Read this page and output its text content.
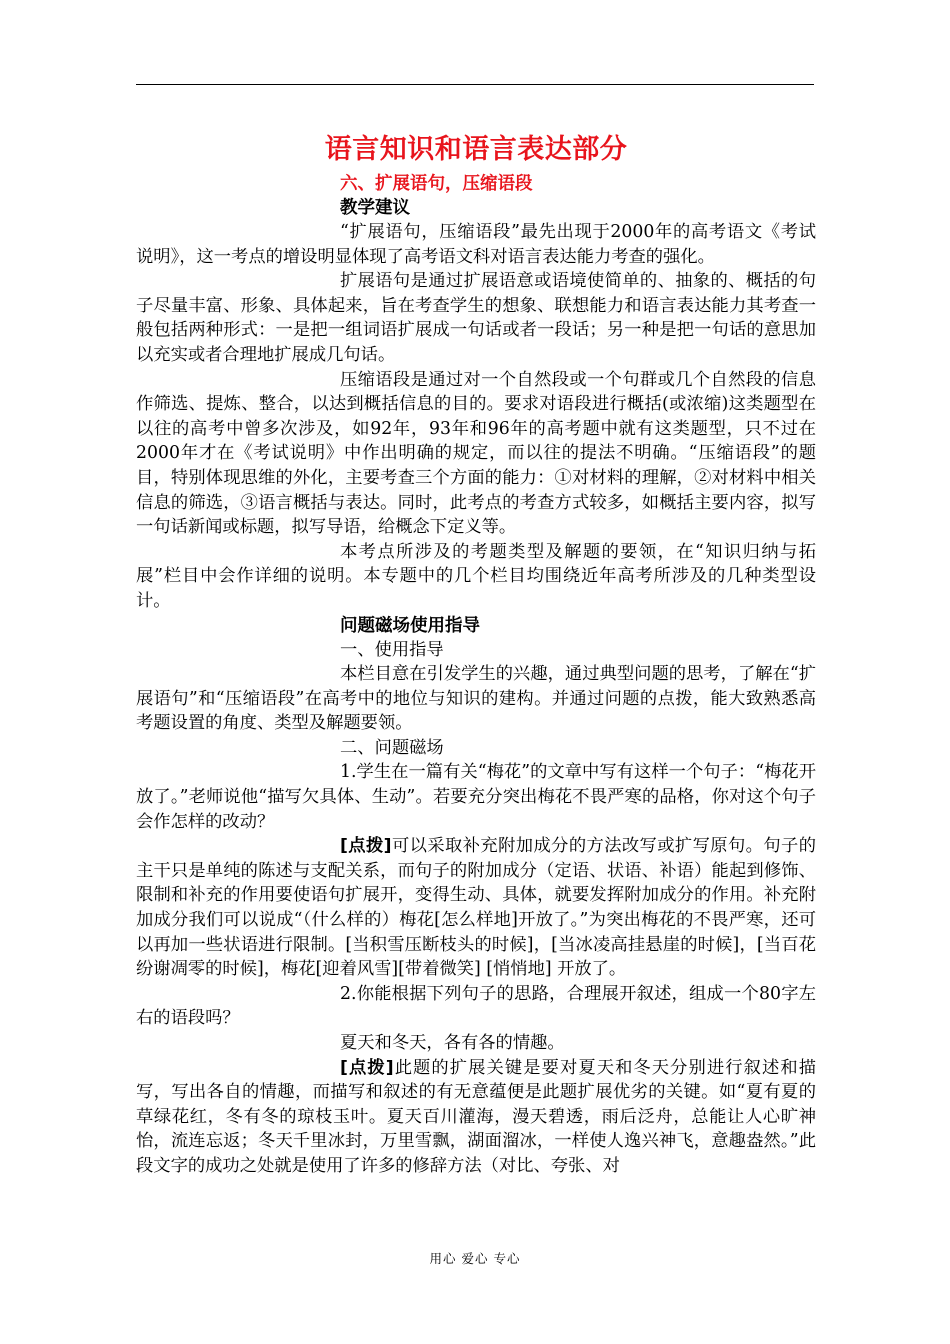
语言知识和语言表达部分
六、扩展语句，压缩语段
教学建议

“扩展语句，压缩语段”最先出现于2000年的高考语文《考试说明》，这一考点的增设明显体现了高考语文科对语言表达能力考查的强化。

扩展语句是通过扩展语意或语境使简单的、抽象的、概括的句子尽量丰富、形象、具体起来，旨在考查学生的想象、联想能力和语言表达能力其考查一般包括两种形式：一是把一组词语扩展成一句话或者一段话；另一种是把一句话的意思加以充实或者合理地扩展成几句话。

压缩语段是通过对一个自然段或一个句群或几个自然段的信息作筛选、提炼、整合，以达到概括信息的目的。要求对语段进行概括(或浓缩)这类题型在以往的高考中曾多次涉及，如92年，93年和96年的高考题中就有这类题型，只不过在2000年才在《考试说明》中作出明确的规定，而以往的提法不明确。“压缩语段”的题目，特别体现思维的外化，主要考查三个方面的能力：①对材料的理解，②对材料中相关信息的筛选，③语言概括与表达。同时，此考点的考查方式较多，如概括主要内容，拟写一句话新闻或标题，拟写导语，给概念下定义等。

本考点所涉及的考题类型及解题的要领，在“知识归纳与拓展”栏目中会作详细的说明。本专题中的几个栏目均围绕近年高考所涉及的几种类型设计。

问题磁场使用指导
一、使用指导

本栏目意在引发学生的兴趣，通过典型问题的思考，了解在“扩展语句”和“压缩语段”在高考中的地位与知识的建构。并通过问题的点拨，能大致熟悉高考题设置的角度、类型及解题要领。

二、问题磁场

1.学生在一篇有关“梅花”的文章中写有这样一个句子：“梅花开放了。”老师说他“描写欠具体、生动”。若要充分突出梅花不畏严寒的品格，你对这个句子会作怎样的改动？

[点拨]可以采取补充附加成分的方法改写或扩写原句。句子的主干只是单纯的陈述与支配关系，而句子的附加成分（定语、状语、补语）能起到修饰、限制和补充的作用要使语句扩展开，变得生动、具体，就要发挥附加成分的作用。补充附加成分我们可以说成“（什么样的）梅花[怎么样地]开放了。”为突出梅花的不畏严寒，还可以再加一些状语进行限制。[当积雪压断枝头的时候]，[当冰凌高挂悬崖的时候]，[当百花纷谢凋零的时候]，梅花[迎着风雪][带着微笑] [悄悄地] 开放了。

2.你能根据下列句子的思路，合理展开叙述，组成一个80字左右的语段吗？

夏天和冬天，各有各的情趣。

[点拨]此题的扩展关键是要对夏天和冬天分别进行叙述和描写，写出各自的情趣，而描写和叙述的有无意蕴便是此题扩展优劣的关键。如“夏有夏的草绿花红，冬有冬的琼枝玉叶。夏天百川灌海，漫天碧透，雨后泛舟，总能让人心旷神怡，流连忘返；冬天千里冰封，万里雪飘，湖面溜冰，一样使人逸兴神飞，意趣盎然。”此段文字的成功之处就是使用了许多的修辞方法（对比、夸张、对

用心 爱心 专心
